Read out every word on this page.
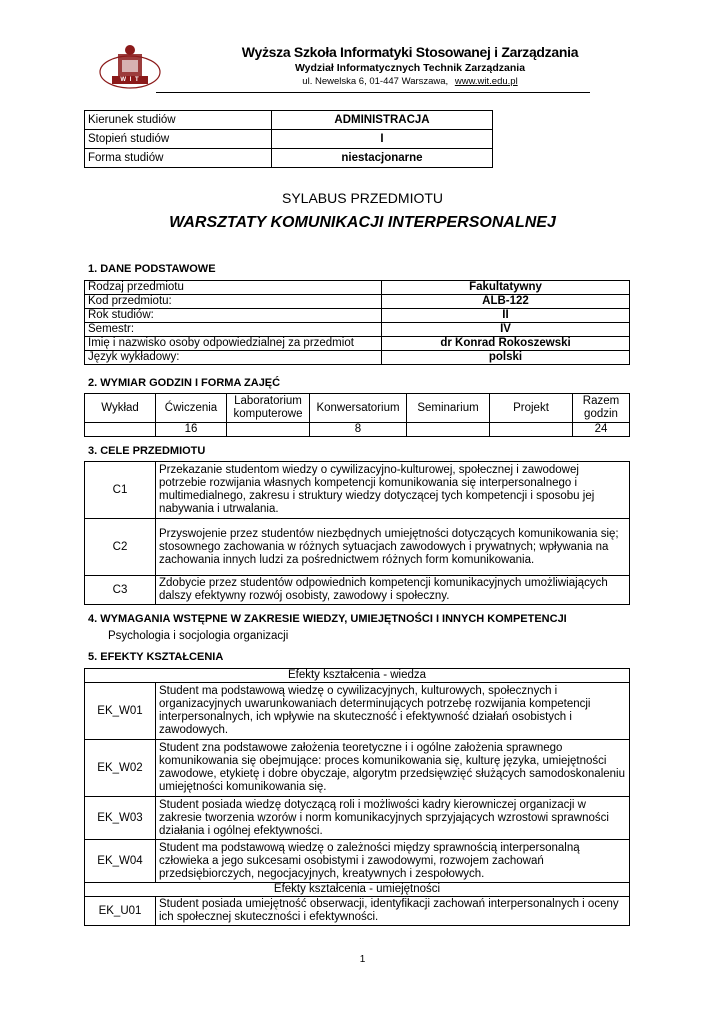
W I T
Wyższa Szkoła Informatyki Stosowanej i Zarządzania
Wydział Informatycznych Technik Zarządzania
ul. Newelska 6, 01-447 Warszawa, www.wit.edu.pl
Kierunek studiów	ADMINISTRACJA
Stopień studiów	I
Forma studiów	niestacjonarne
SYLABUS PRZEDMIOTU
WARSZTATY KOMUNIKACJI INTERPERSONALNEJ
1. DANE PODSTAWOWE
Rodzaj przedmiotu	Fakultatywny
Kod przedmiotu:	ALB-122
Rok studiów:	II
Semestr:	IV
Imię i nazwisko osoby odpowiedzialnej za przedmiot	dr Konrad Rokoszewski
Język wykładowy:	polski
2. WYMIAR GODZIN I FORMA ZAJĘĆ
Wykład	Ćwiczenia	Laboratorium komputerowe	Konwersatorium	Seminarium	Projekt	Razem godzin
	16		8			24
3. CELE PRZEDMIOTU
C1	Przekazanie studentom wiedzy o cywilizacyjno-kulturowej, społecznej i zawodowej potrzebie rozwijania własnych kompetencji komunikowania się interpersonalnego i multimedialnego, zakresu i struktury wiedzy dotyczącej tych kompetencji i sposobu jej nabywania i utrwalania.
C2	Przyswojenie przez studentów niezbędnych umiejętności dotyczących komunikowania się; stosownego zachowania w różnych sytuacjach zawodowych i prywatnych; wpływania na zachowania innych ludzi za pośrednictwem różnych form komunikowania.
C3	Zdobycie przez studentów odpowiednich kompetencji komunikacyjnych umożliwiających dalszy efektywny rozwój osobisty, zawodowy i społeczny.
4. WYMAGANIA WSTĘPNE W ZAKRESIE WIEDZY, UMIEJĘTNOŚCI I INNYCH KOMPETENCJI
Psychologia i socjologia organizacji
5. EFEKTY KSZTAŁCENIA
Efekty kształcenia - wiedza	
EK_W01	Student ma podstawową wiedzę o cywilizacyjnych, kulturowych, społecznych i organizacyjnych uwarunkowaniach determinujących potrzebę rozwijania kompetencji interpersonalnych, ich wpływie na skuteczność i efektywność działań osobistych i zawodowych.
EK_W02	Student zna podstawowe założenia teoretyczne i i ogólne założenia sprawnego komunikowania się obejmujące: proces komunikowania się, kulturę języka, umiejętności zawodowe, etykietę i dobre obyczaje, algorytm przedsięwzięć służących samodoskonaleniu umiejętności komunikowania się.
EK_W03	Student posiada wiedzę dotyczącą roli i możliwości kadry kierowniczej organizacji w zakresie tworzenia wzorów i norm komunikacyjnych sprzyjających wzrostowi sprawności działania i ogólnej efektywności.
EK_W04	Student ma podstawową wiedzę o zależności między sprawnością interpersonalną człowieka a jego sukcesami osobistymi i zawodowymi, rozwojem zachowań przedsiębiorczych, negocjacyjnych, kreatywnych i zespołowych.
Efekty kształcenia - umiejętności	
EK_U01	Student posiada umiejętność obserwacji, identyfikacji zachowań interpersonalnych i oceny ich społecznej skuteczności i efektywności.
1
